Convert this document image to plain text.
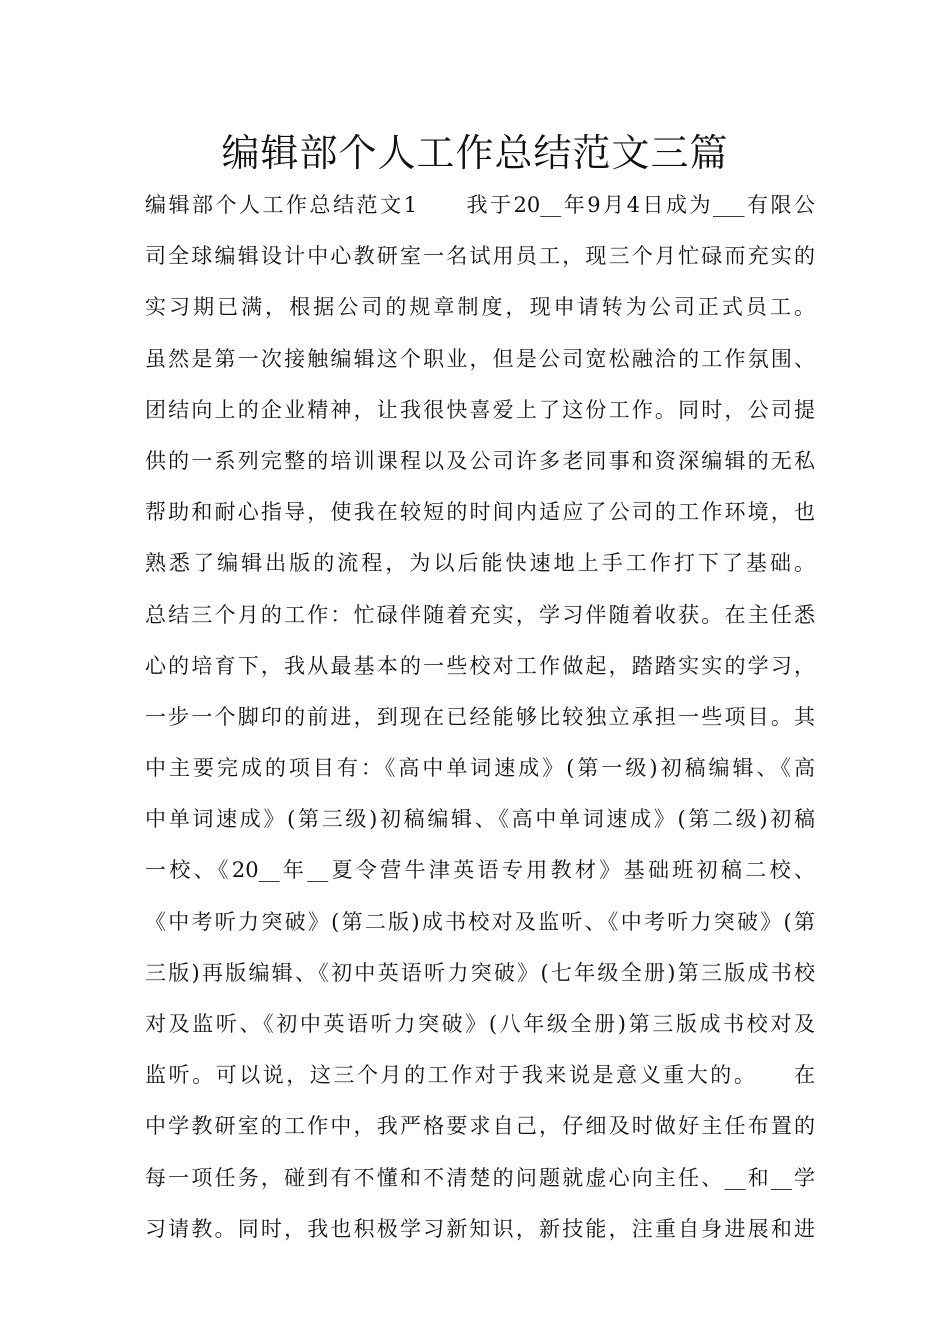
编辑部个人工作总结范文三篇
编辑部个人工作总结范文1　　我于20__年9月4日成为___有限公
司全球编辑设计中心教研室一名试用员工，现三个月忙碌而充实的
实习期已满，根据公司的规章制度，现申请转为公司正式员工。
虽然是第一次接触编辑这个职业，但是公司宽松融洽的工作氛围、
团结向上的企业精神，让我很快喜爱上了这份工作。同时，公司提
供的一系列完整的培训课程以及公司许多老同事和资深编辑的无私
帮助和耐心指导，使我在较短的时间内适应了公司的工作环境，也
熟悉了编辑出版的流程，为以后能快速地上手工作打下了基础。
总结三个月的工作：忙碌伴随着充实，学习伴随着收获。在主任悉
心的培育下，我从最基本的一些校对工作做起，踏踏实实的学习，
一步一个脚印的前进，到现在已经能够比较独立承担一些项目。其
中主要完成的项目有：《高中单词速成》(第一级)初稿编辑、《高
中单词速成》(第三级)初稿编辑、《高中单词速成》(第二级)初稿
一校、《20__年__夏令营牛津英语专用教材》基础班初稿二校、
《中考听力突破》(第二版)成书校对及监听、《中考听力突破》(第
三版)再版编辑、《初中英语听力突破》(七年级全册)第三版成书校
对及监听、《初中英语听力突破》(八年级全册)第三版成书校对及
监听。可以说，这三个月的工作对于我来说是意义重大的。　　在
中学教研室的工作中，我严格要求自己，仔细及时做好主任布置的
每一项任务，碰到有不懂和不清楚的问题就虚心向主任、__和__学
习请教。同时，我也积极学习新知识，新技能，注重自身进展和进
